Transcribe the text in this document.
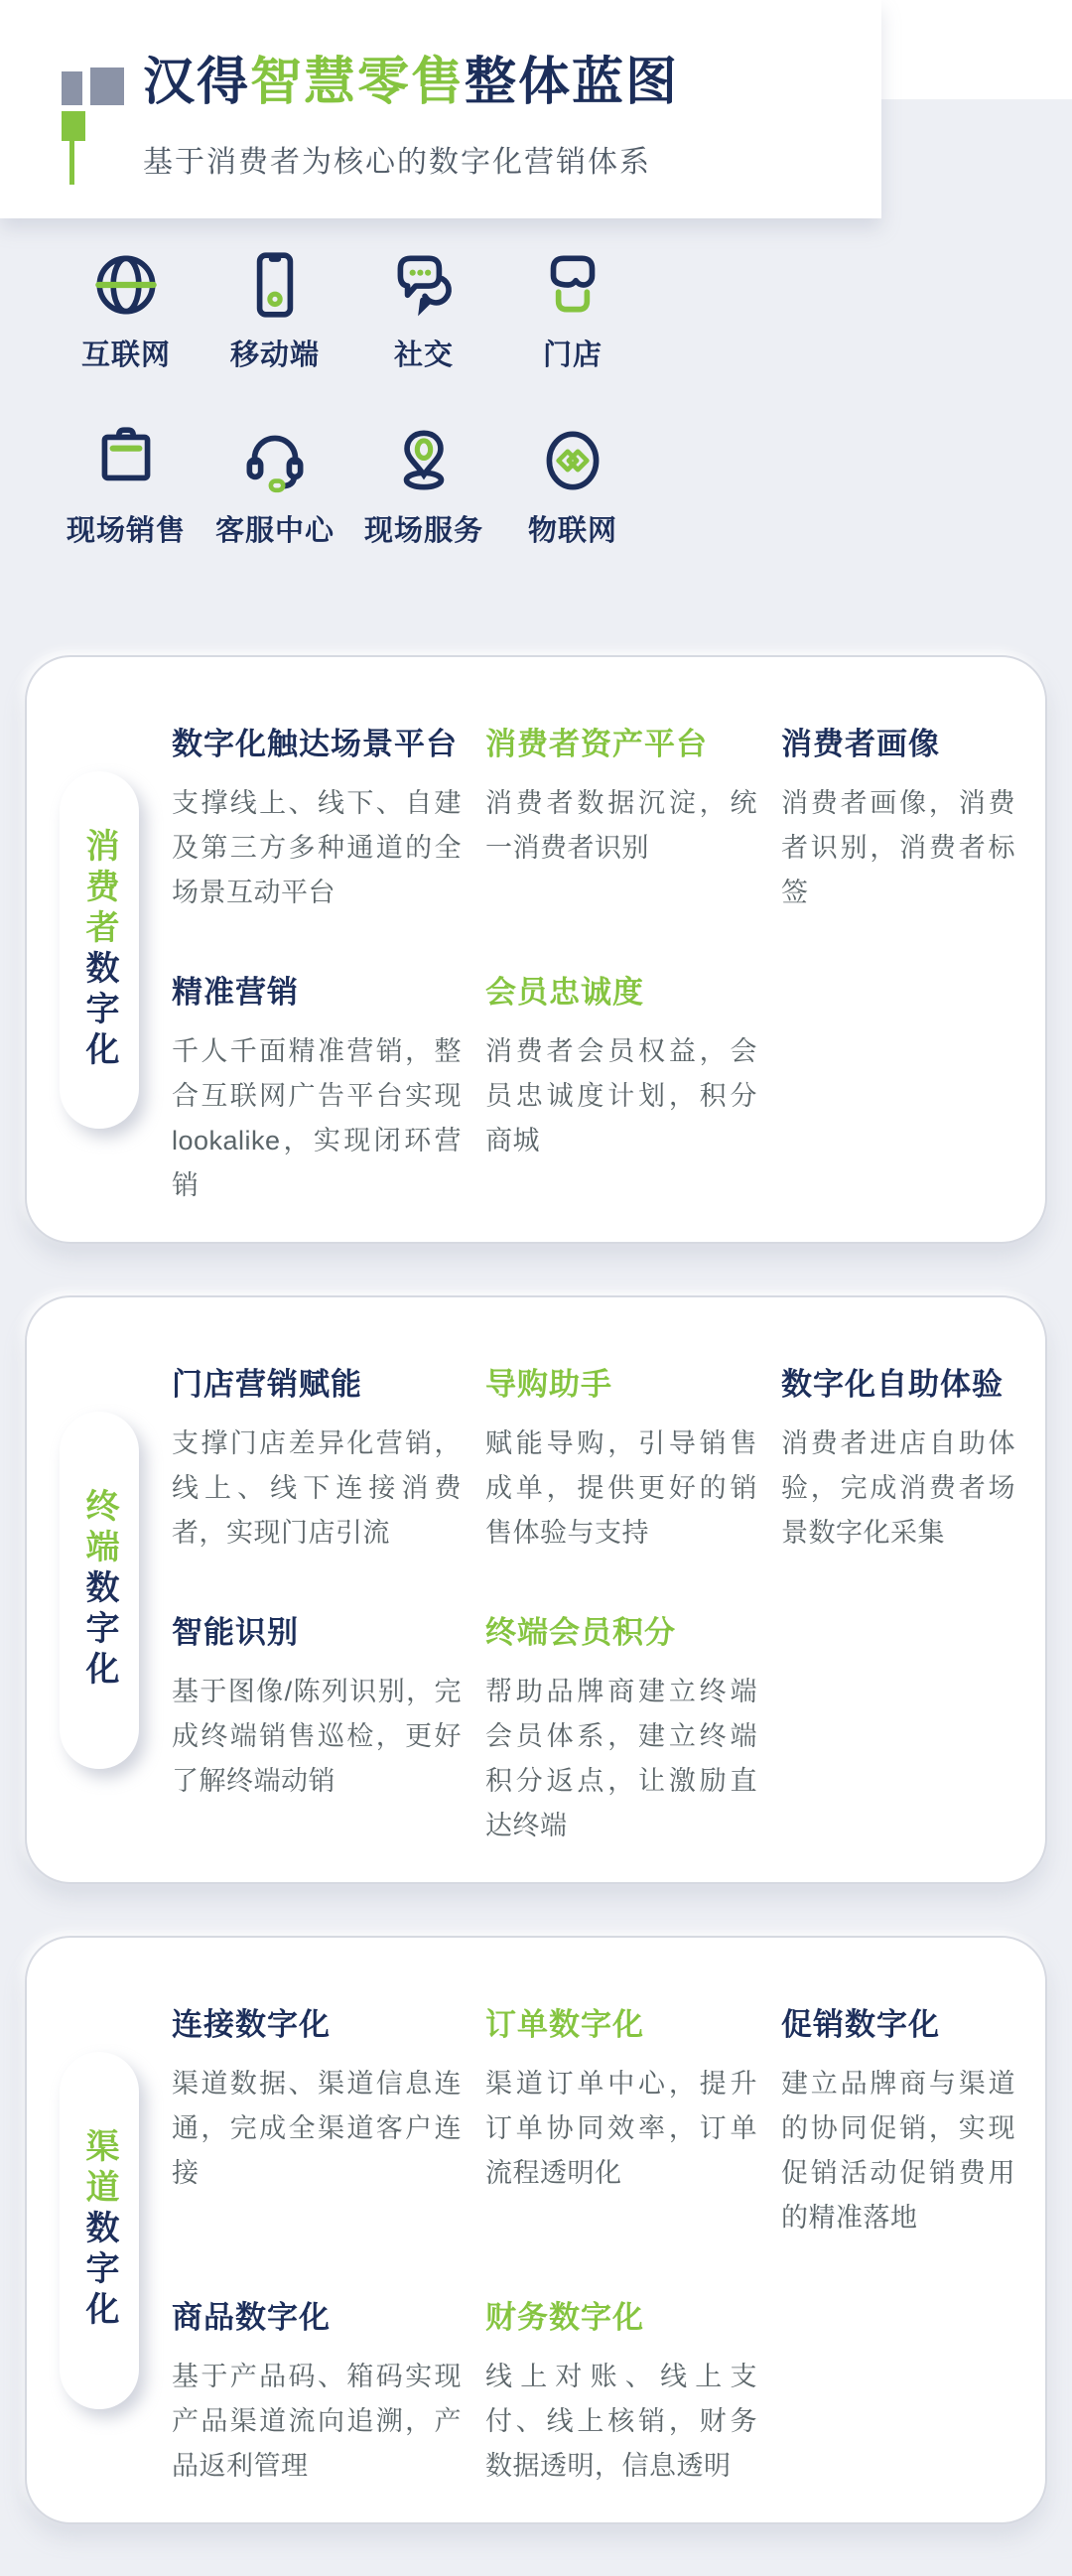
汉得智慧零售整体蓝图
基于消费者为核心的数字化营销体系
互联网 移动端	社交	门店
现场销售 客服中心 现场服务 物联网
消费者数字化
数字化触达场景平台
支撑线上、线下、自建及第三方多种通道的全场景互动平台
消费者资产平台
消费者数据沉淀，统一消费者识别
消费者画像
消费者画像，消费者识别，消费者标签
精准营销
千人千面精准营销，整合互联网广告平台实现lookalike，实现闭环营销
会员忠诚度
消费者会员权益，会员忠诚度计划，积分商城
终端数字化
门店营销赋能
支撑门店差异化营销，线上、线下连接消费者，实现门店引流
导购助手
赋能导购，引导销售成单，提供更好的销售体验与支持
数字化自助体验
消费者进店自助体验，完成消费者场景数字化采集
智能识别
基于图像/陈列识别，完成终端销售巡检，更好了解终端动销
终端会员积分
帮助品牌商建立终端会员体系，建立终端积分返点，让激励直达终端
渠道数字化
连接数字化
渠道数据、渠道信息连通，完成全渠道客户连接
订单数字化
渠道订单中心，提升订单协同效率，订单流程透明化
促销数字化
建立品牌商与渠道的协同促销，实现促销活动促销费用的精准落地
商品数字化
基于产品码、箱码实现产品渠道流向追溯，产品返利管理
财务数字化
线上对账、线上支付、线上核销，财务数据透明，信息透明
